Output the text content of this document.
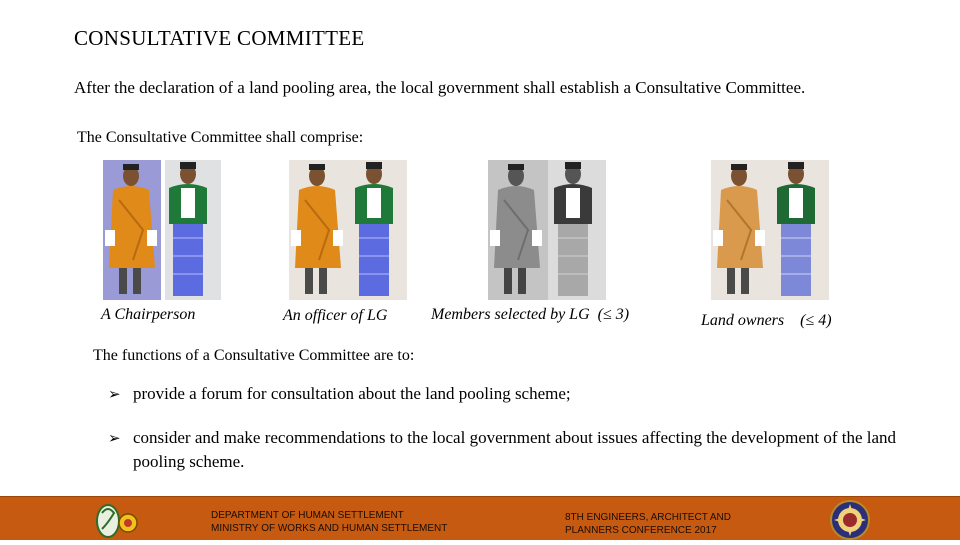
CONSULTATIVE COMMITTEE
After the declaration of a land pooling area, the local government shall establish a Consultative Committee.
The Consultative Committee shall comprise:
A Chairperson	An officer of LG	Members selected by LG  (≤ 3)	Land owners    (≤ 4)
The functions of a Consultative Committee are to:
➢ provide a forum for consultation about the land pooling scheme;
➢ consider and make recommendations to the local government about issues affecting the development of the land pooling scheme.
DEPARTMENT OF HUMAN SETTLEMENT
MINISTRY OF WORKS AND HUMAN SETTLEMENT
8TH ENGINEERS, ARCHITECT AND
PLANNERS CONFERENCE 2017
